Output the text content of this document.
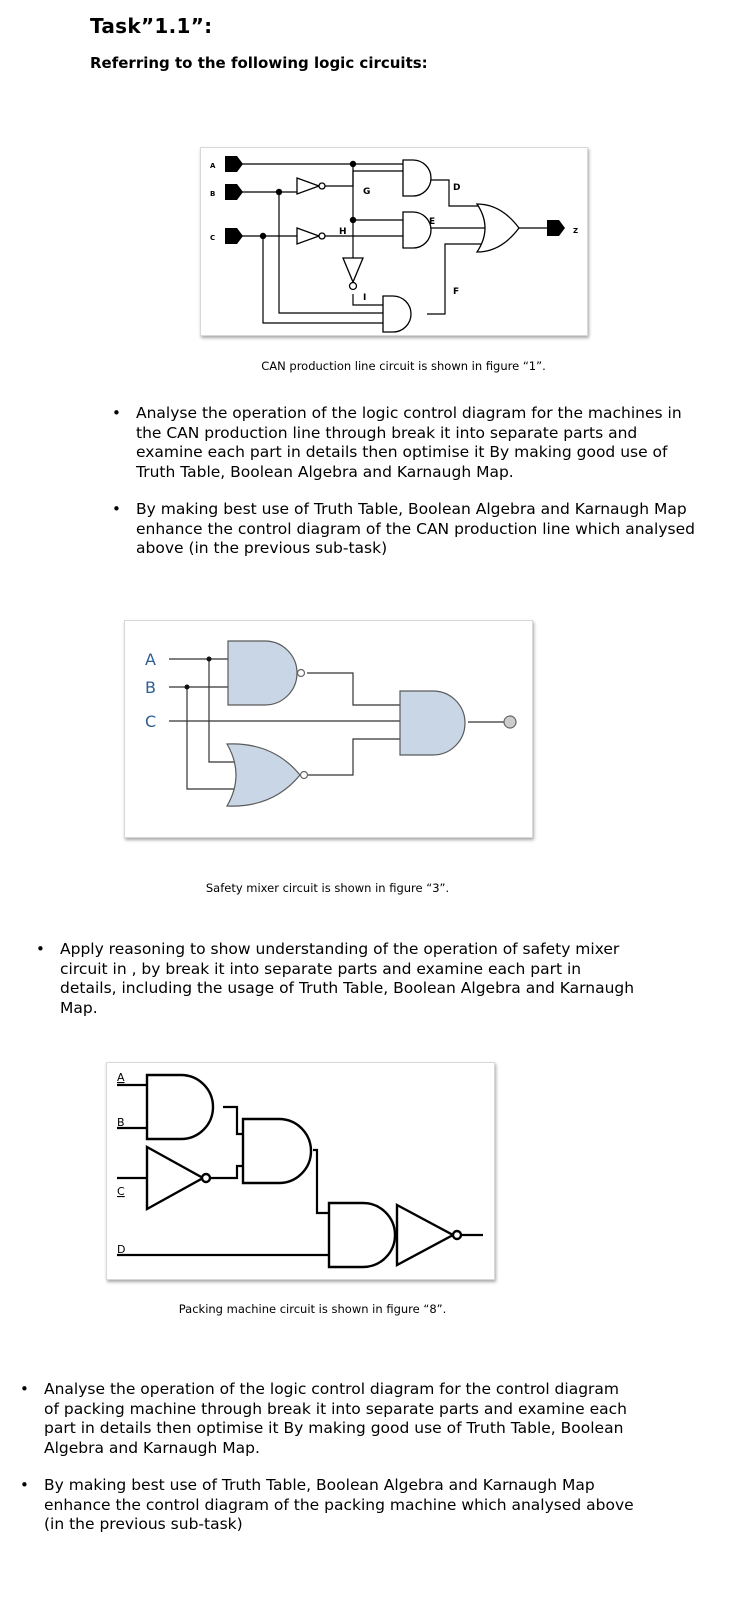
Task”1.1”:
Referring to the following logic circuits:
A
B
C
G
H
I
D
E
F
Z
CAN production line circuit is shown in figure “1”.
• Analyse the operation of the logic control diagram for the machines in the CAN production line through break it into separate parts and examine each part in details then optimise it By making good use of Truth Table, Boolean Algebra and Karnaugh Map.
• By making best use of Truth Table, Boolean Algebra and Karnaugh Map enhance the control diagram of the CAN production line which analysed above (in the previous sub-task)
A
B
C
Safety mixer circuit is shown in figure “3”.
• Apply reasoning to show understanding of the operation of safety mixer circuit in , by break it into separate parts and examine each part in details, including the usage of Truth Table, Boolean Algebra and Karnaugh Map.
A
B
C
D
Packing machine circuit is shown in figure “8”.
• Analyse the operation of the logic control diagram for the control diagram of packing machine through break it into separate parts and examine each part in details then optimise it By making good use of Truth Table, Boolean Algebra and Karnaugh Map.
• By making best use of Truth Table, Boolean Algebra and Karnaugh Map enhance the control diagram of the packing machine which analysed above (in the previous sub-task)
